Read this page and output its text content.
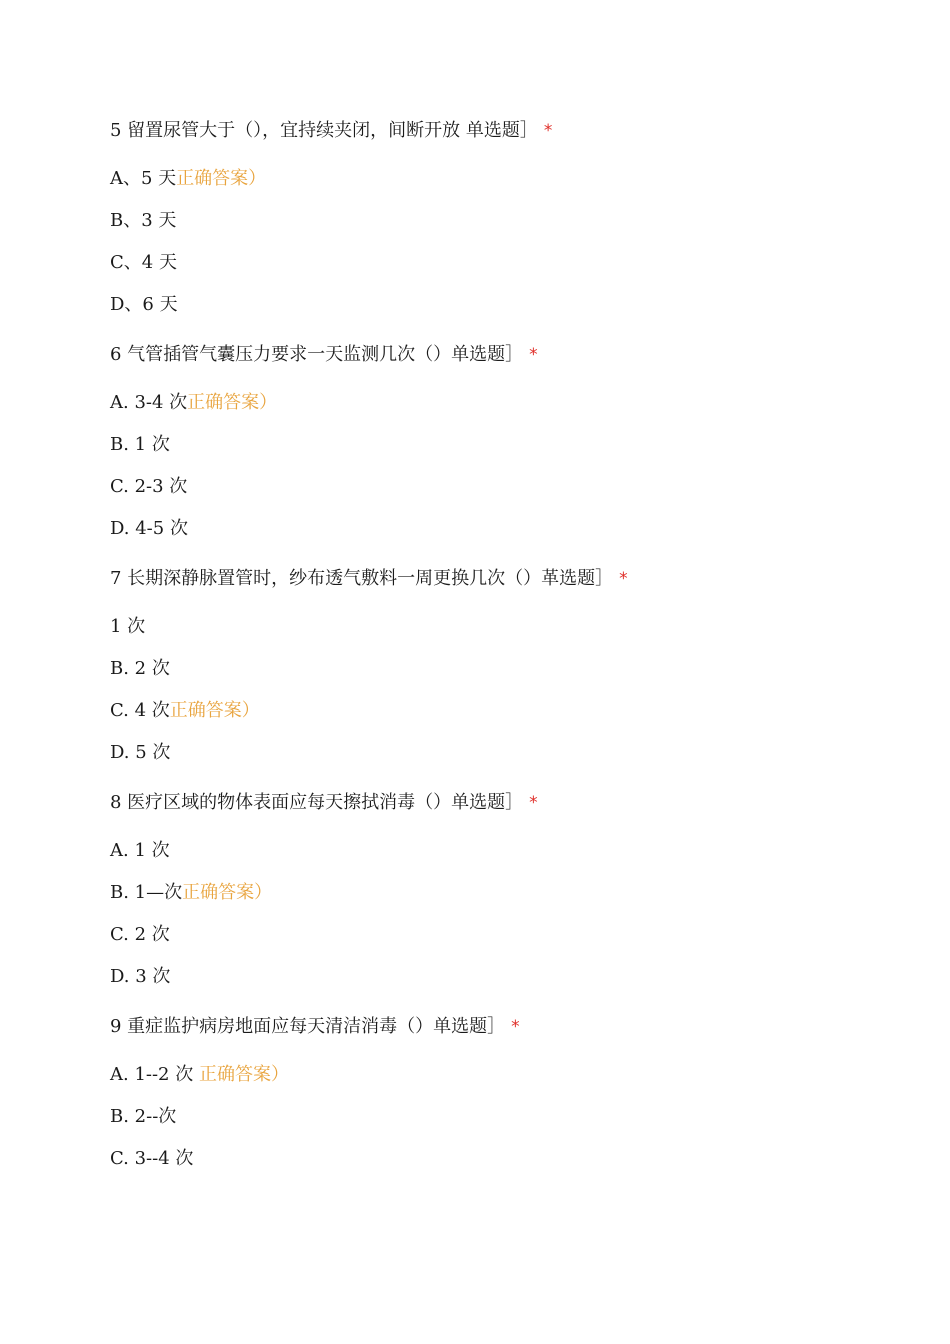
5 留置尿管大于（），宜持续夹闭，间断开放 单选题］ *
A、5 天正确答案）
B、3 天
C、4 天
D、6 天
6 气管插管气囊压力要求一天监测几次（）单选题］ *
A. 3-4 次正确答案）
B. 1 次
C. 2-3 次
D. 4-5 次
7 长期深静脉置管时，纱布透气敷料一周更换几次（）革选题］ *
1 次
B. 2 次
C. 4 次正确答案）
D. 5 次
8 医疗区域的物体表面应每天擦拭消毒（）单选题］ *
A. 1 次
B. 1—次正确答案）
C. 2 次
D. 3 次
9 重症监护病房地面应每天清洁消毒（）单选题］ *
A. 1--2 次 正确答案）
B. 2--次
C. 3--4 次
